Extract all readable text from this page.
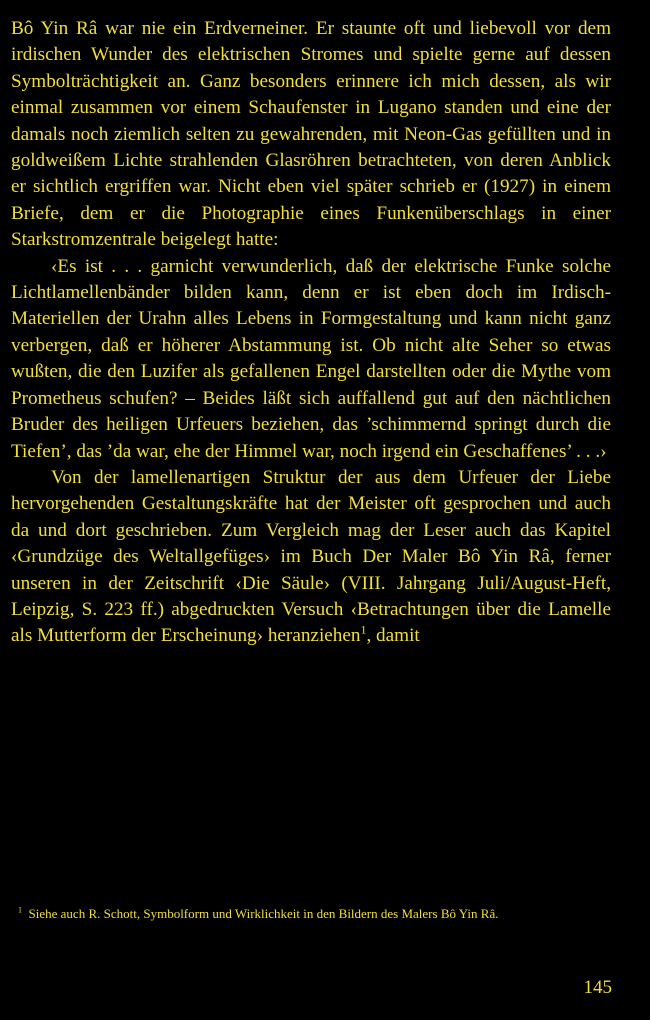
Bô Yin Râ war nie ein Erdverneiner. Er staunte oft und liebevoll vor dem irdischen Wunder des elektrischen Stromes und spielte gerne auf dessen Symbolträchtigkeit an. Ganz besonders erinnere ich mich dessen, als wir einmal zusammen vor einem Schaufenster in Lugano standen und eine der damals noch ziemlich selten zu gewahrenden, mit Neon-Gas gefüllten und in goldweißem Lichte strahlenden Glasröhren betrachteten, von deren Anblick er sichtlich ergriffen war. Nicht eben viel später schrieb er (1927) in einem Briefe, dem er die Photographie eines Funkenüberschlags in einer Starkstromzentrale beigelegt hatte:

‹Es ist . . . garnicht verwunderlich, daß der elektrische Funke solche Lichtlamellenbänder bilden kann, denn er ist eben doch im Irdisch-Materiellen der Urahn alles Lebens in Formgestaltung und kann nicht ganz verbergen, daß er höherer Abstammung ist. Ob nicht alte Seher so etwas wußten, die den Luzifer als gefallenen Engel darstellten oder die Mythe vom Prometheus schufen? – Beides läßt sich auffallend gut auf den nächtlichen Bruder des heiligen Urfeuers beziehen, das ’schimmernd springt durch die Tiefen’, das ’da war, ehe der Himmel war, noch irgend ein Geschaffenes’ . . .›

Von der lamellenartigen Struktur der aus dem Urfeuer der Liebe hervorgehenden Gestaltungskräfte hat der Meister oft gesprochen und auch da und dort geschrieben. Zum Vergleich mag der Leser auch das Kapitel ‹Grundzüge des Weltallgefüges› im Buch Der Maler Bô Yin Râ, ferner unseren in der Zeitschrift ‹Die Säule› (VIII. Jahrgang Juli/August-Heft, Leipzig, S. 223 ff.) abgedruckten Versuch ‹Betrachtungen über die Lamelle als Mutterform der Erscheinung› heranziehen$^1$, damit

$^1$ Siehe auch R. Schott, Symbolform und Wirklichkeit in den Bildern des Malers Bô Yin Râ.

145
